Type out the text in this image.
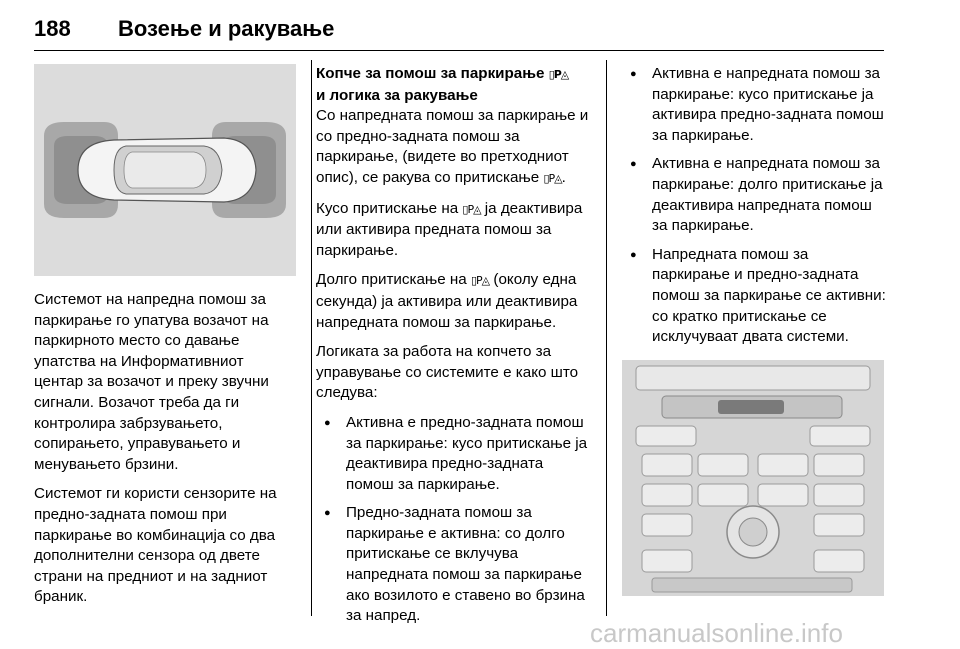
188 Возење и ракување

Системот на напредна помош за паркирање го упатува возачот на паркирното место со давање упатства на Информативниот центар за возачот и преку звучни сигнали. Возачот треба да ги контролира забрзувањето, сопирањето, управувањето и менувањето брзини.

Системот ги користи сензорите на предно-задната помош при паркирање во комбинација со два дополнителни сензора од двете страни на предниот и на задниот браник.

Копче за помош за паркирање ▯P◬
и логика за ракување

Со напредната помош за паркирање и со предно-задната помош за паркирање, (видете во претходниот опис), се ракува со притискање ▯P◬.

Кусо притискање на ▯P◬ ја деактивира или активира предната помош за паркирање.

Долго притискање на ▯P◬ (околу една секунда) ја активира или деактивира напредната помош за паркирање.

Логиката за работа на копчето за управување со системите е како што следува:

● Активна е предно-задната помош за паркирање: кусо притискање ја деактивира предно-задната помош за паркирање.
● Предно-задната помош за паркирање е активна: со долго притискање се вклучува напредната помош за паркирање ако возилото е ставено во брзина за напред.
● Активна е напредната помош за паркирање: кусо притискање ја активира предно-задната помош за паркирање.
● Активна е напредната помош за паркирање: долго притискање ја деактивира напредната помош за паркирање.
● Напредната помош за паркирање и предно-задната помош за паркирање се активни: со кратко притискање се исклучуваат двата системи.

carmanualsonline.info
